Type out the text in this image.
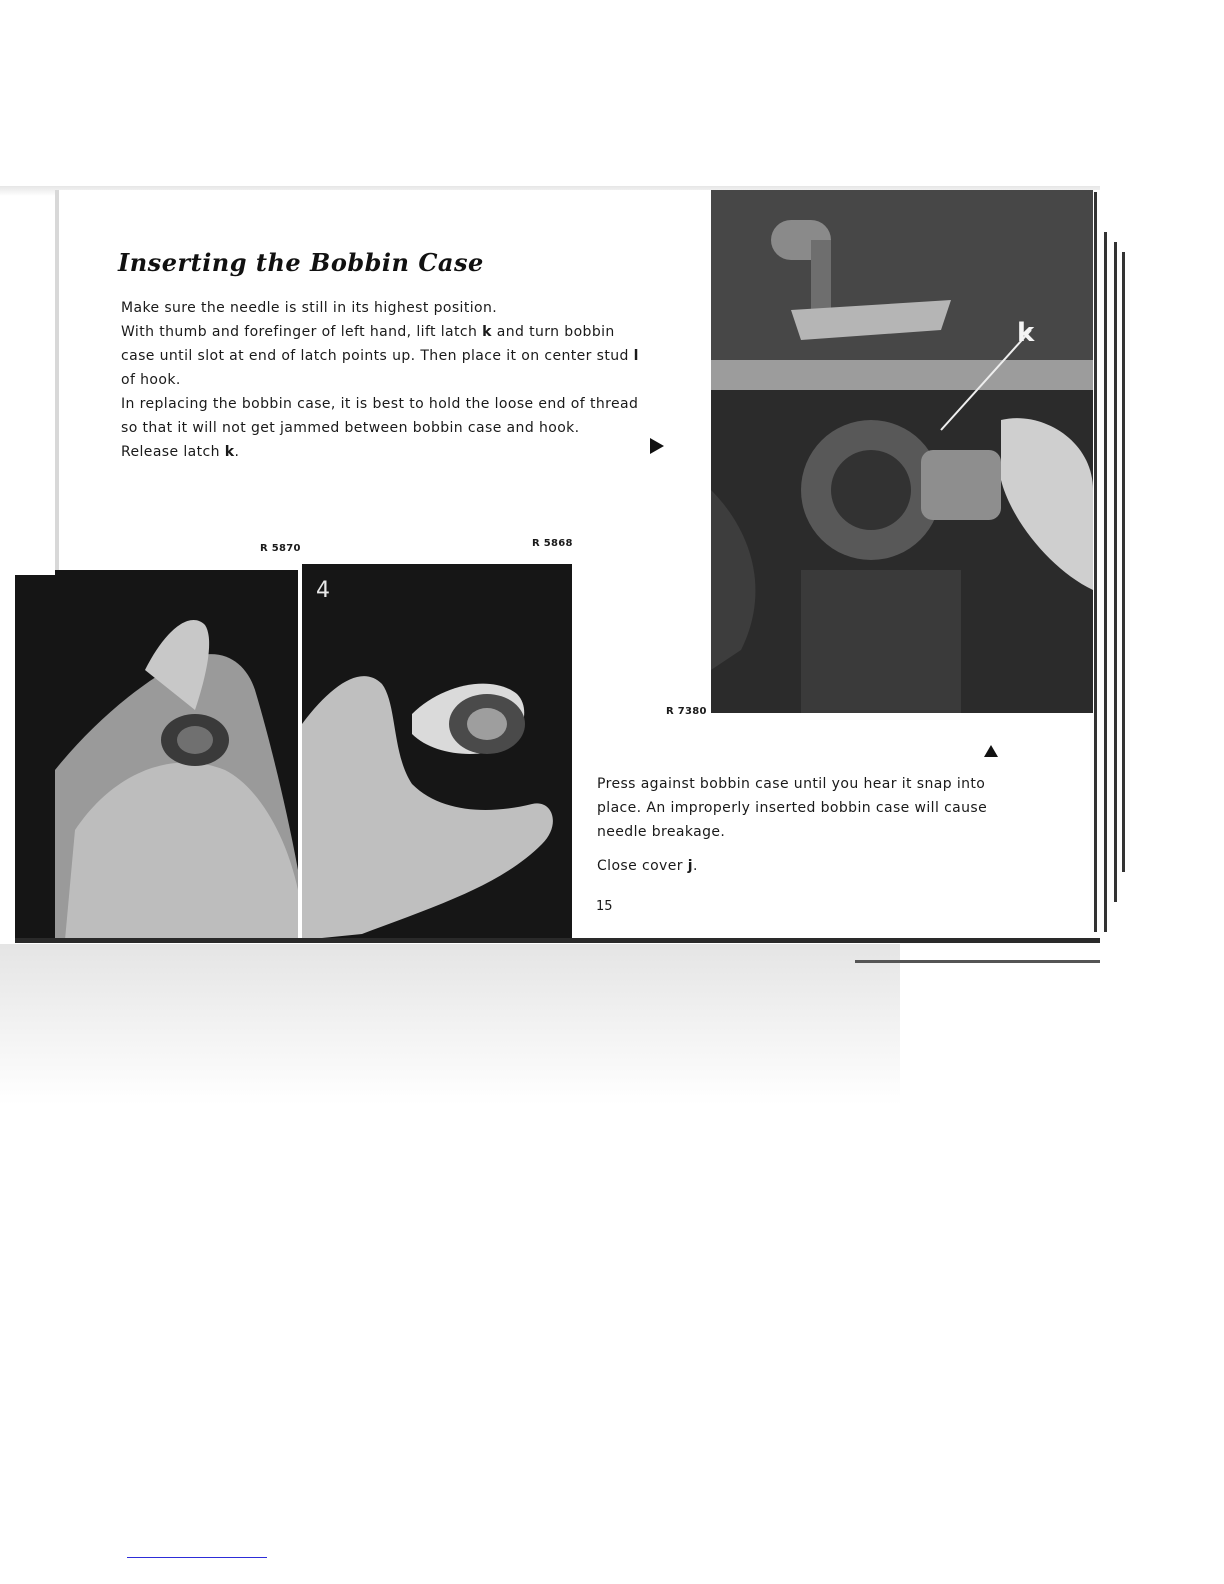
Inserting the Bobbin Case

Make sure the needle is still in its highest position.

With thumb and forefinger of left hand, lift latch k and turn bobbin case until slot at end of latch points up. Then place it on center stud l of hook.

In replacing the bobbin case, it is best to hold the loose end of thread so that it will not get jammed between bobbin case and hook. Release latch k.

R 5870	R 5868
R 7380
4
k

Press against bobbin case until you hear it snap into place. An improperly inserted bobbin case will cause needle breakage.

Close cover j.

15
